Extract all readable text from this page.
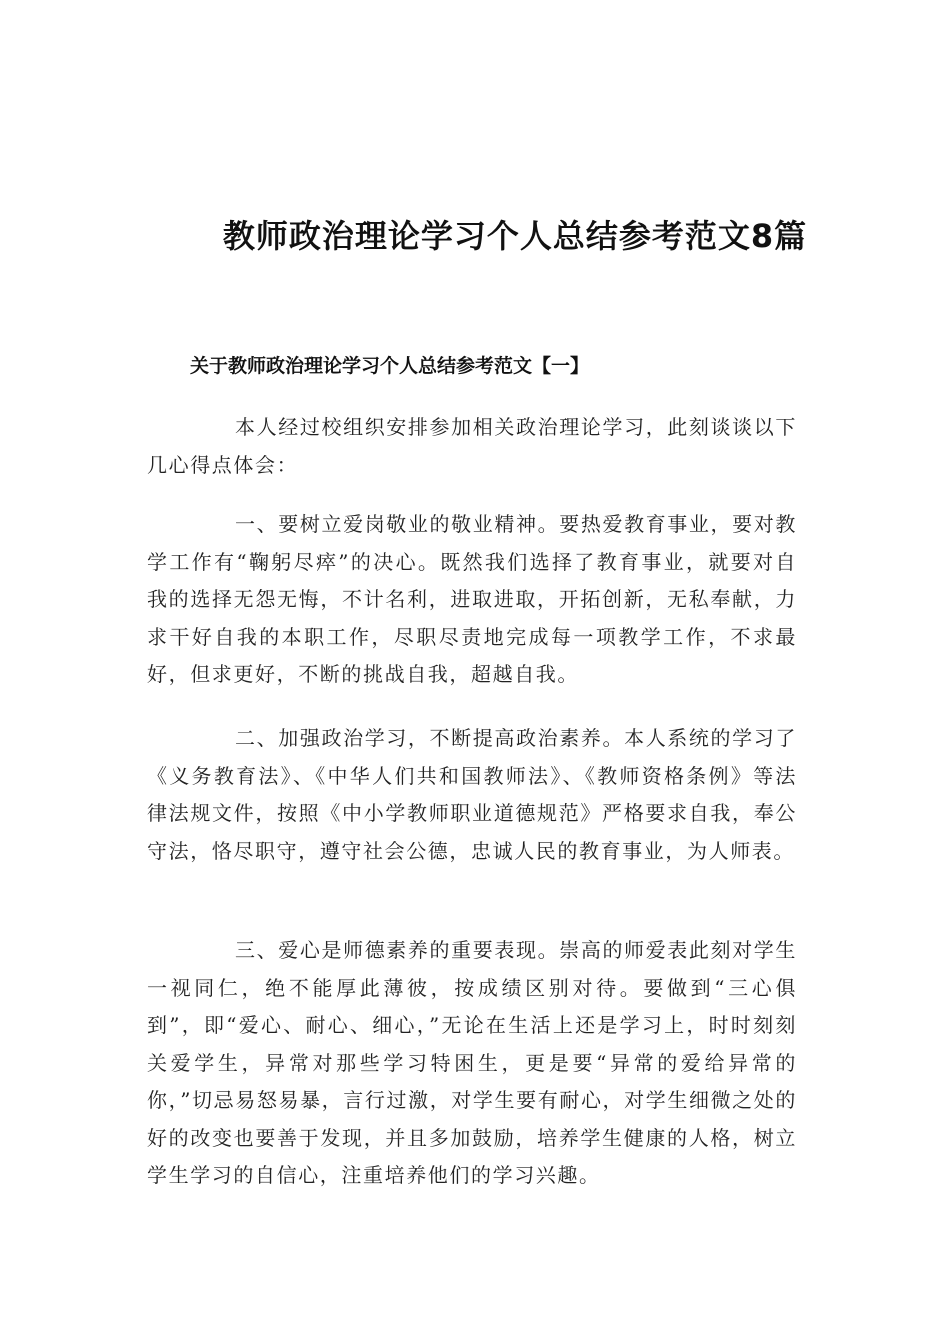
教师政治理论学习个人总结参考范文8篇
关于教师政治理论学习个人总结参考范文【一】

本人经过校组织安排参加相关政治理论学习，此刻谈谈以下几心得点体会：

一、要树立爱岗敬业的敬业精神。要热爱教育事业，要对教学工作有“鞠躬尽瘁”的决心。既然我们选择了教育事业，就要对自我的选择无怨无悔，不计名利，进取进取，开拓创新，无私奉献，力求干好自我的本职工作，尽职尽责地完成每一项教学工作，不求最好，但求更好，不断的挑战自我，超越自我。

二、加强政治学习，不断提高政治素养。本人系统的学习了《义务教育法》、《中华人们共和国教师法》、《教师资格条例》等法律法规文件，按照《中小学教师职业道德规范》严格要求自我，奉公守法，恪尽职守，遵守社会公德，忠诚人民的教育事业，为人师表。

三、爱心是师德素养的重要表现。崇高的师爱表此刻对学生一视同仁，绝不能厚此薄彼，按成绩区别对待。要做到“三心俱到”，即“爱心、耐心、细心，”无论在生活上还是学习上，时时刻刻关爱学生，异常对那些学习特困生，更是要“异常的爱给异常的你，”切忌易怒易暴，言行过激，对学生要有耐心，对学生细微之处的好的改变也要善于发现，并且多加鼓励，培养学生健康的人格，树立学生学习的自信心，注重培养他们的学习兴趣。
